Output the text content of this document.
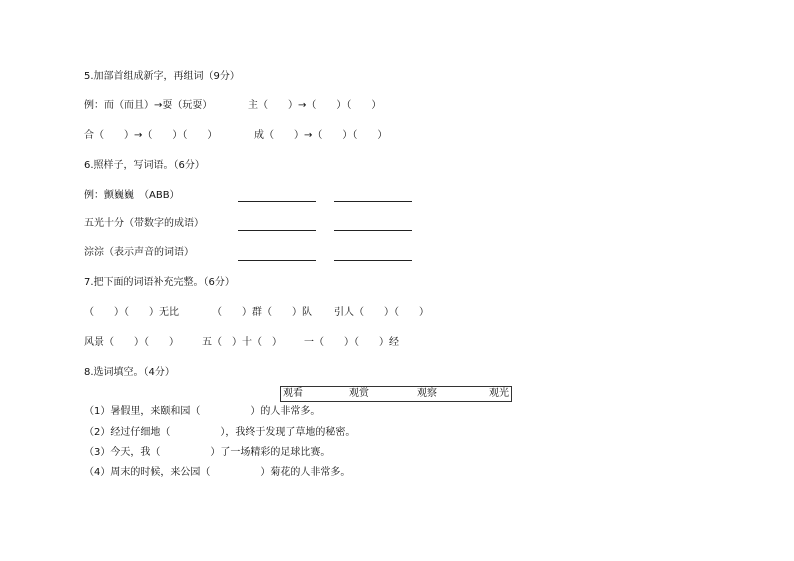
5.加部首组成新字，再组词（9分）
例：而（而且）→耍（玩耍）	主（　　）→（　　）（　　）
合（　　）→（　　）（　　）	成（　　）→（　　）（　　）
6.照样子，写词语。（6分）
例：颤巍巍　（ABB）
五光十分（带数字的成语）
淙淙（表示声音的词语）
7.把下面的词语补充完整。（6分）
（　　）（　　）无比	（　　）群（　　）队 引人（　　）（　　）
风景（　　）（　　） 五（　）十（　） 一（　　）（　　）经
8.选词填空。（4分）
观看	观赏	观察	观光
（1）暑假里，来颐和园（　　　　　）的人非常多。
（2）经过仔细地（　　　　　），我终于发现了草地的秘密。
（3）今天，我（　　　　　）了一场精彩的足球比赛。
（4）周末的时候，来公园（　　　　　）菊花的人非常多。
